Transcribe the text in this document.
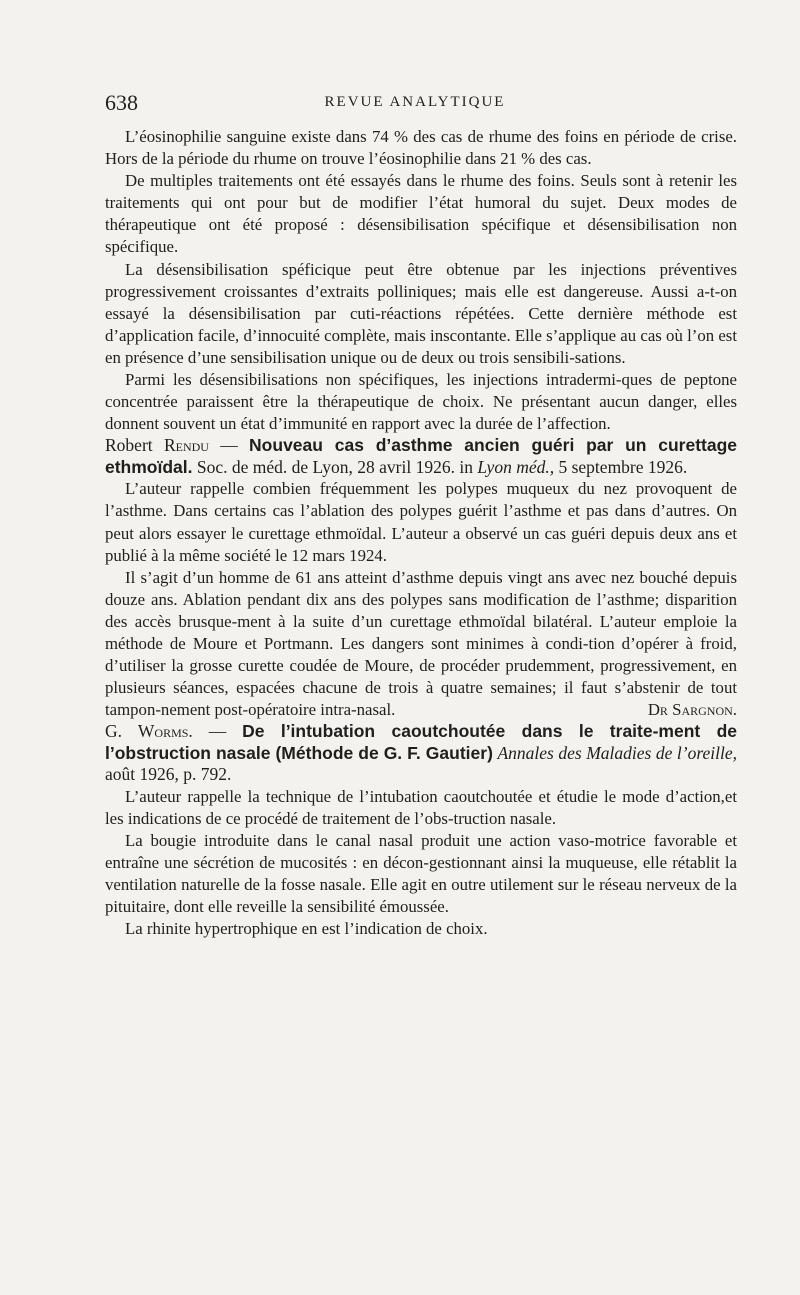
638	REVUE ANALYTIQUE

L’éosinophilie sanguine existe dans 74 % des cas de rhume des foins en période de crise. Hors de la période du rhume on trouve l’éosinophilie dans 21 % des cas.

De multiples traitements ont été essayés dans le rhume des foins. Seuls sont à retenir les traitements qui ont pour but de modifier l’état humoral du sujet. Deux modes de thérapeutique ont été proposé : désensibilisation spécifique et désensibilisation non spécifique.

La désensibilisation spéficique peut être obtenue par les injections préventives progressivement croissantes d’extraits polliniques; mais elle est dangereuse. Aussi a-t-on essayé la désensibilisation par cuti-réactions répétées. Cette dernière méthode est d’application facile, d’innocuité complète, mais inscontante. Elle s’applique au cas où l’on est en présence d’une sensibilisation unique ou de deux ou trois sensibili-sations.

Parmi les désensibilisations non spécifiques, les injections intradermi-ques de peptone concentrée paraissent être la thérapeutique de choix. Ne présentant aucun danger, elles donnent souvent un état d’immunité en rapport avec la durée de l’affection.

Robert Rendu — Nouveau cas d’asthme ancien guéri par un curettage ethmoïdal. Soc. de méd. de Lyon, 28 avril 1926. in Lyon méd., 5 septembre 1926.

L’auteur rappelle combien fréquemment les polypes muqueux du nez provoquent de l’asthme. Dans certains cas l’ablation des polypes guérit l’asthme et pas dans d’autres. On peut alors essayer le curettage ethmoïdal. L’auteur a observé un cas guéri depuis deux ans et publié à la même société le 12 mars 1924.

Il s’agit d’un homme de 61 ans atteint d’asthme depuis vingt ans avec nez bouché depuis douze ans. Ablation pendant dix ans des polypes sans modification de l’asthme; disparition des accès brusque-ment à la suite d’un curettage ethmoïdal bilatéral. L’auteur emploie la méthode de Moure et Portmann. Les dangers sont minimes à condi-tion d’opérer à froid, d’utiliser la grosse curette coudée de Moure, de procéder prudemment, progressivement, en plusieurs séances, espacées chacune de trois à quatre semaines; il faut s’abstenir de tout tampon-nement post-opératoire intra-nasal.	Dr Sargnon.

G. Worms. — De l’intubation caoutchoutée dans le traite-ment de l’obstruction nasale (Méthode de G. F. Gautier) Annales des Maladies de l’oreille, août 1926, p. 792.

L’auteur rappelle la technique de l’intubation caoutchoutée et étudie le mode d’action,et les indications de ce procédé de traitement de l’obs-truction nasale.

La bougie introduite dans le canal nasal produit une action vaso-motrice favorable et entraîne une sécrétion de mucosités : en décon-gestionnant ainsi la muqueuse, elle rétablit la ventilation naturelle de la fosse nasale. Elle agit en outre utilement sur le réseau nerveux de la pituitaire, dont elle reveille la sensibilité émoussée.

La rhinite hypertrophique en est l’indication de choix.
